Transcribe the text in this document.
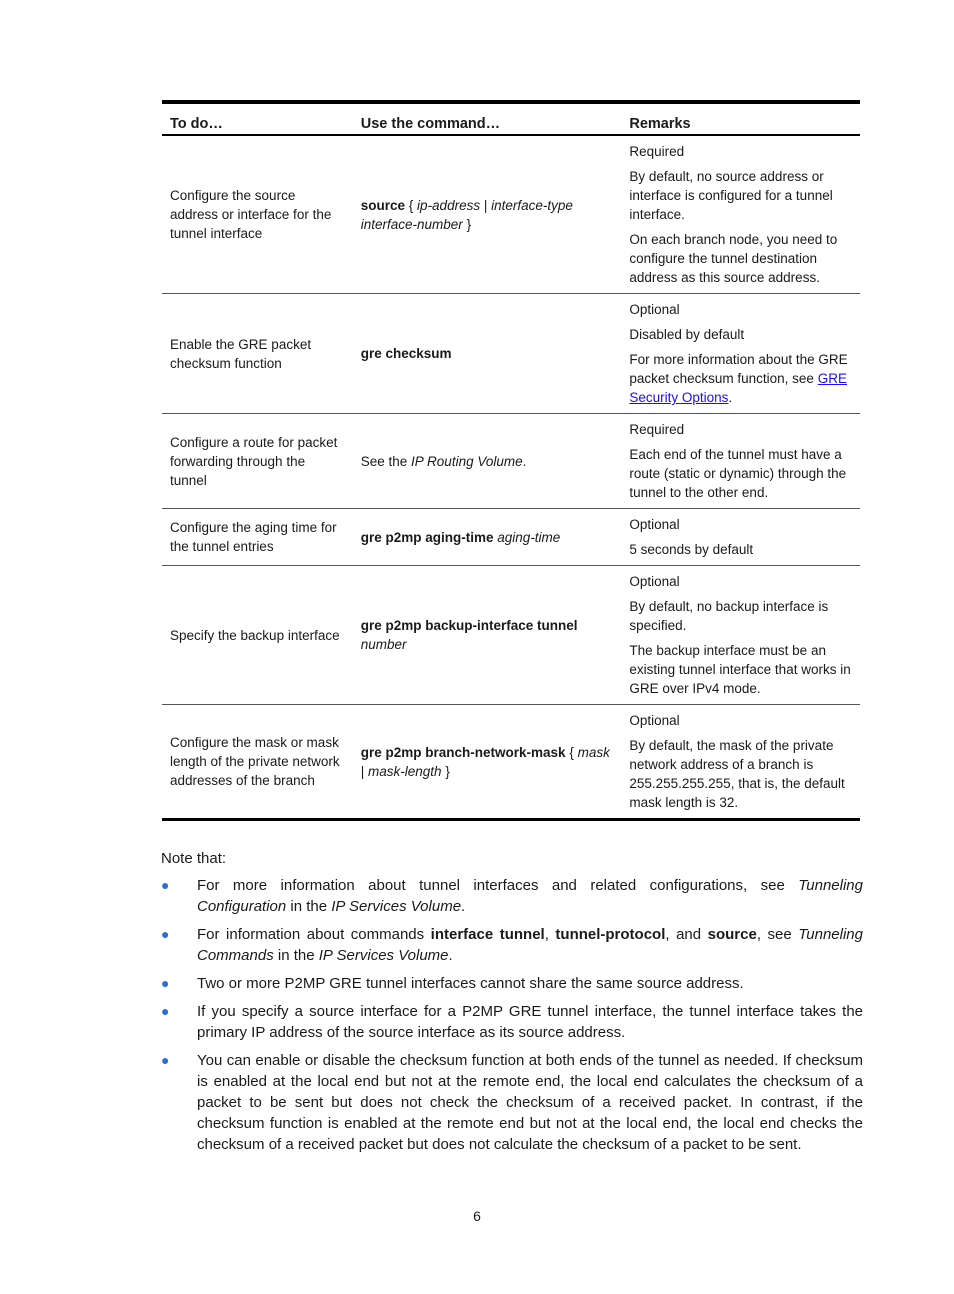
To do…	Use the command…	Remarks
Configure the source address or interface for the tunnel interface	source { ip-address | interface-type interface-number }	Required

By default, no source address or interface is configured for a tunnel interface.

On each branch node, you need to configure the tunnel destination address as this source address.

Enable the GRE packet checksum function	gre checksum	Optional

Disabled by default

For more information about the GRE packet checksum function, see GRE Security Options.

Configure a route for packet forwarding through the tunnel	See the IP Routing Volume.	Required

Each end of the tunnel must have a route (static or dynamic) through the tunnel to the other end.

Configure the aging time for the tunnel entries	gre p2mp aging-time aging-time	Optional

5 seconds by default

Specify the backup interface	gre p2mp backup-interface tunnel number	Optional

By default, no backup interface is specified.

The backup interface must be an existing tunnel interface that works in GRE over IPv4 mode.

Configure the mask or mask length of the private network addresses of the branch	gre p2mp branch-network-mask { mask | mask-length }	Optional

By default, the mask of the private network address of a branch is 255.255.255.255, that is, the default mask length is 32.

Note that:

● For more information about tunnel interfaces and related configurations, see Tunneling Configuration in the IP Services Volume.
● For information about commands interface tunnel, tunnel-protocol, and source, see Tunneling Commands in the IP Services Volume.
● Two or more P2MP GRE tunnel interfaces cannot share the same source address.
● If you specify a source interface for a P2MP GRE tunnel interface, the tunnel interface takes the primary IP address of the source interface as its source address.
● You can enable or disable the checksum function at both ends of the tunnel as needed. If checksum is enabled at the local end but not at the remote end, the local end calculates the checksum of a packet to be sent but does not check the checksum of a received packet. In contrast, if the checksum function is enabled at the remote end but not at the local end, the local end checks the checksum of a received packet but does not calculate the checksum of a packet to be sent.
6
